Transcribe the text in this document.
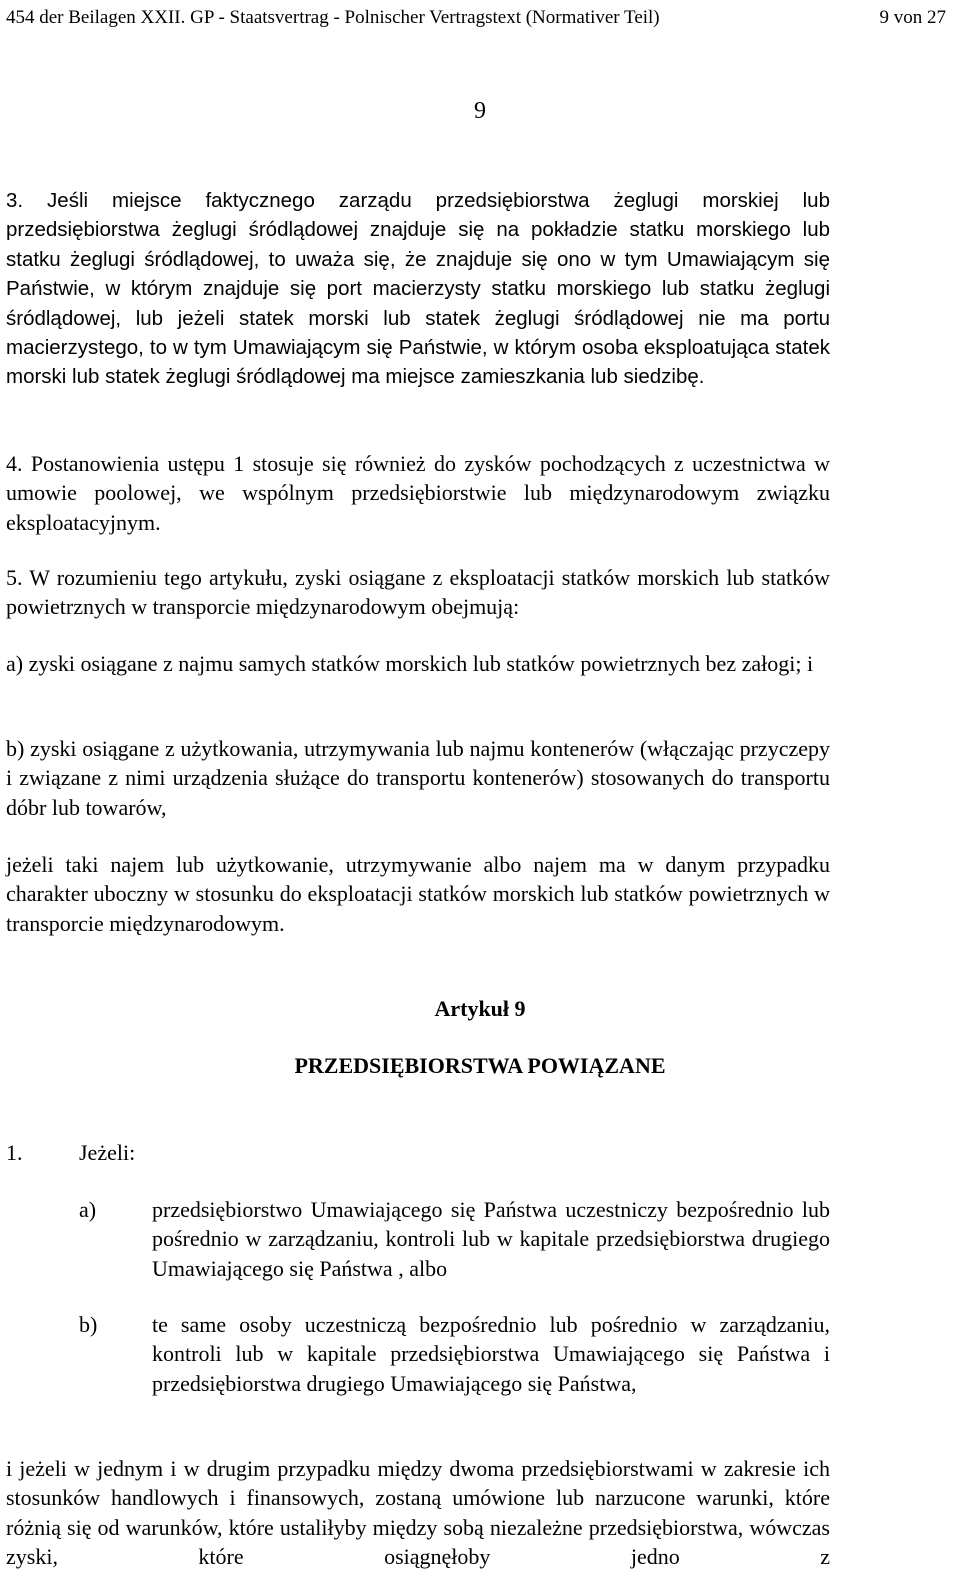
454 der Beilagen XXII. GP - Staatsvertrag - Polnischer Vertragstext (Normativer Teil)	9 von 27
9

3. Jeśli miejsce faktycznego zarządu przedsiębiorstwa żeglugi morskiej lub przedsiębiorstwa żeglugi śródlądowej znajduje się na pokładzie statku morskiego lub statku żeglugi śródlądowej, to uważa się, że znajduje się ono w tym Umawiającym się Państwie, w którym znajduje się port macierzysty statku morskiego lub statku żeglugi śródlądowej, lub jeżeli statek morski lub statek żeglugi śródlądowej nie ma portu macierzystego, to w tym Umawiającym się Państwie, w którym osoba eksploatująca statek morski lub statek żeglugi śródlądowej ma miejsce zamieszkania lub siedzibę.

4. Postanowienia ustępu 1 stosuje się również do zysków pochodzących z uczestnictwa w umowie poolowej, we wspólnym przedsiębiorstwie lub międzynarodowym związku eksploatacyjnym.

5. W rozumieniu tego artykułu, zyski osiągane z eksploatacji statków morskich lub statków powietrznych w transporcie międzynarodowym obejmują:

a) zyski osiągane z najmu samych statków morskich lub statków powietrznych bez załogi; i

b) zyski osiągane z użytkowania, utrzymywania lub najmu kontenerów (włączając przyczepy i związane z nimi urządzenia służące do transportu kontenerów) stosowanych do transportu dóbr lub towarów,

jeżeli taki najem lub użytkowanie, utrzymywanie albo najem ma w danym przypadku charakter uboczny w stosunku do eksploatacji statków morskich lub statków powietrznych w transporcie międzynarodowym.

Artykuł 9
PRZEDSIĘBIORSTWA POWIĄZANE
1.	Jeżeli:
a)	przedsiębiorstwo Umawiającego się Państwa uczestniczy bezpośrednio lub pośrednio w zarządzaniu, kontroli lub w kapitale przedsiębiorstwa drugiego Umawiającego się Państwa , albo

b) te same osoby uczestniczą bezpośrednio lub pośrednio w zarządzaniu, kontroli lub w kapitale przedsiębiorstwa Umawiającego się Państwa i przedsiębiorstwa drugiego Umawiającego się Państwa,

i jeżeli w jednym i w drugim przypadku między dwoma przedsiębiorstwami w zakresie ich stosunków handlowych i finansowych, zostaną umówione lub narzucone warunki, które różnią się od warunków, które ustaliłyby między sobą niezależne przedsiębiorstwa, wówczas zyski, które osiągnęłoby jedno z
